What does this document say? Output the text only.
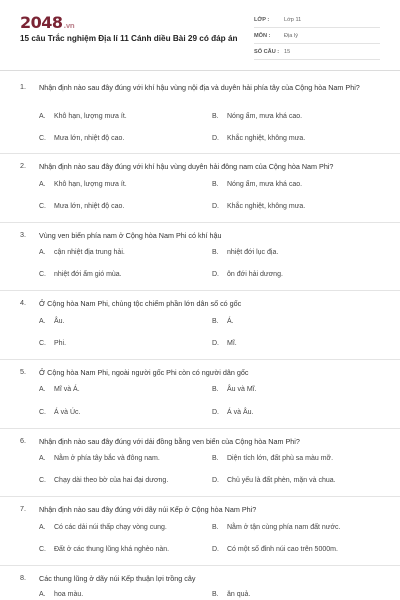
2048.vn
15 câu Trắc nghiệm Địa lí 11 Cánh diều Bài 29 có đáp án
LỚP :	Lớp 11
MÔN : Địa lý
SỐ CÂU : 15
1. Nhận định nào sau đây đúng với khí hậu vùng nội địa và duyên hải phía tây của Cộng hòa Nam Phi?
A. Khô hạn, lượng mưa ít.	B. Nóng ẩm, mưa khá cao.
C. Mưa lớn, nhiệt độ cao.	D. Khắc nghiệt, không mưa.
2. Nhận định nào sau đây đúng với khí hậu vùng duyên hải đông nam của Cộng hòa Nam Phi?
A. Khô hạn, lượng mưa ít.	B. Nóng ẩm, mưa khá cao.
C. Mưa lớn, nhiệt độ cao.	D. Khắc nghiệt, không mưa.
3. Vùng ven biển phía nam ở Cộng hòa Nam Phi có khí hậu
A. cận nhiệt địa trung hải.	B. nhiệt đới lục địa.
C. nhiệt đới ẩm gió mùa.	D. ôn đới hải dương.
4. Ở Cộng hòa Nam Phi, chủng tộc chiếm phần lớn dân số có gốc
A. Âu.	B. Á.
C. Phi.	D. Mĩ.
5. Ở Cộng hòa Nam Phi, ngoài người gốc Phi còn có người dân gốc
A. Mĩ và Á.	B. Âu và Mĩ.
C. Á và Úc.	D. Á và Âu.
6. Nhận định nào sau đây đúng với dải đồng bằng ven biển của Cộng hòa Nam Phi?
A. Nằm ở phía tây bắc và đông nam.	B. Diện tích lớn, đất phù sa màu mỡ.
C. Chạy dài theo bờ của hai đại dương.	D. Chủ yếu là đất phèn, mặn và chua.
7. Nhận định nào sau đây đúng với dãy núi Kếp ở Cộng hòa Nam Phi?
A. Có các dải núi thấp chạy vòng cung.	B. Nằm ở tận cùng phía nam đất nước.
C. Đất ở các thung lũng khá nghèo nàn.	D. Có một số đỉnh núi cao trên 5000m.
8. Các thung lũng ở dãy núi Kếp thuận lợi trồng cây
A. hoa màu.	B. ăn quả.
